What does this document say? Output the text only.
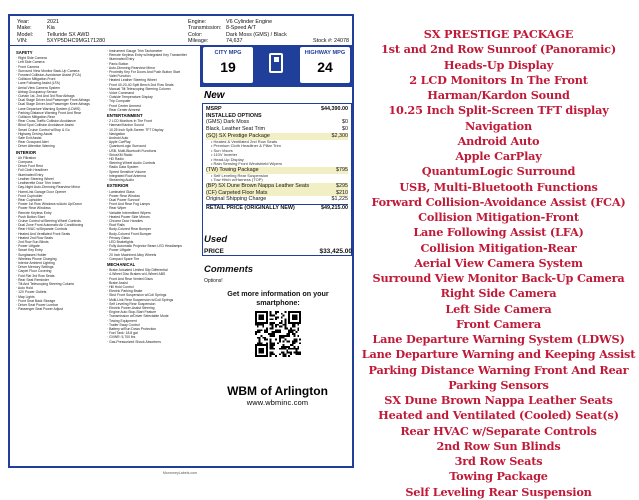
Year:	2021
Make:	Kia
Model:	Telluride SX AWD
VIN:	5XYP5DHC9MG171280
Engine:	V6 Cylinder Engine
Transmission: 8-Speed A/T
Color:	Dark Moss (GMS) / Black
Mileage:	74,637	Stock #: 24078
SAFETY
· Right Side Camera
· Left Side Camera
· Front Camera
· Surround View Monitor Back-Up Camera
· Forward Collision-Avoidance Assist (FCA)
· Collision Mitigation-Front
· Lane Following Assist (LFA)
· Aerial View Camera System
· Airbag Occupancy Sensor
· Curtain 1st, 2nd And 3rd Row Airbags
· Dual Stage Driver And Passenger Front Airbags
· Dual Stage Driver And Passenger Knee Airbags
· Lane Departure Warning System (LDWS)
· Parking Distance Warning Front And Rear
· Collision Mitigation-Rear
· Rear Cross-Traffic Collision Avoidance
· Blind Spot Collision Avoidance Assist
· Smart Cruise Control w/Stop & Go
· Highway Driving Assist
· Safe Exit Assist
· Rear Occupant Alert
· Driver Attention Warning
INTERIOR
· Air Filtration
· Compass
· Driver Foot Rest
· Full Cloth Headliner
· Illuminated Entry
· Leather Steering Wheel
· Leatherette Door Trim Insert
· Day-Night Auto-Dimming Rearview Mirror
· HomeLink Garage Door Opener
· Front Cupholder
· Rear Cupholder
· Power 1st Row Windows w/Auto Up/Down
· Power Rear Windows
· Remote Keyless Entry
· Push Button Start
· Cruise Control w/Steering Wheel Controls
· Dual Zone Front Automatic Air Conditioning
· Rear HVAC w/Separate Controls
· Heated And Ventilated Front Seats
· Heated 2nd Row Seats
· 2nd Row Sun Blinds
· Power Liftgate
· Smart Key Entry
· Sunglasses Holder
· Wireless Phone Charging
· Interior Ambient Lighting
· Driver Memory Settings
· Carpet Floor Covering
· Fold Flat 3rd Row Seats
· Rear Seat Reminder
· Tilt And Telescoping Steering Column
· Auto Hold
· 12V Power Outlets
· Map Lights
· Front Seat Back Storage
· Driver Seat Power Lumbar
· Passenger Seat Power Adjust
· Instrument Gauge Trim Tachometer
· Remote Keyless Entry w/Integrated Key Transmitter
· Illuminated Entry
· Panic Button
· Auto-Dimming Rearview Mirror
· Proximity Key For Doors And Push Button Start
· Valet Function
· Heated Leather Steering Wheel
· Front 40-20-40 Split Bench 2nd Row Seats
· Manual Tilt Telescoping Steering Column
· Voice Command
· Outside Temperature Display
· Trip Computer
· Front Center Armrest
· Rear Center Armrest
ENTERTAINMENT
· 2 LCD Monitors In The Front
· Harman/Kardon Sound
· 10.25 Inch Split-Screen TFT Display
· Navigation
· Android Auto
· Apple CarPlay
· QuantumLogic Surround
· USB, Multi-Bluetooth Functions
· SiriusXM Radio
· HD Radio
· Steering Wheel Audio Controls
· Radio Data System
· Speed Sensitive Volume
· Integrated Roof Antenna
· Streaming Audio
EXTERIOR
· Laminated Glass
· Power Rear Window
· Dual Power Sunroof
· Front And Rear Fog Lamps
· Rear Wiper
· Variable Intermittent Wipers
· Heated Power Side Mirrors
· Chrome Door Handles
· Roof Rails
· Body-Colored Rear Bumper
· Body-Colored Front Bumper
· Privacy Glass
· LED Brakelights
· Fully Automatic Projector Beam LED Headlamps
· Power Liftgate
· 20 Inch Machined Alloy Wheels
· Compact Spare Tire
MECHANICAL
· Brake Actuated Limited Slip Differential
· 4-Wheel Disc Brakes w/4-Wheel ABS
· Front And Rear Vented Discs
· Brake Assist
· Hill Hold Control
· Electric Parking Brake
· Strut Front Suspension w/Coil Springs
· Multi-Link Rear Suspension w/Coil Springs
· Self Leveling Rear Suspension
· Electric Power-Assist Steering
· Engine Auto Stop-Start Feature
· Transmission w/Driver Selectable Mode
· Towing Equipment
· Trailer Sway Control
· Battery w/Run Down Protection
· Fuel Tank: 18.8 gal
· GVWR: 5,700 lbs
· Gas-Pressurized Shock Absorbers
CITY MPG
19
HIGHWAY MPG
24
New
MSRP	$44,390.00
INSTALLED OPTIONS
(GMS) Dark Moss	$0
Black, Leather Seat Trim	$0
(SQ) SX Prestige Package	$2,300
• Heated & Ventilated 2nd Row Seats
• Premium Cloth Headliner & Pillar Trim
• Sun Visors
• 110V Inverter
• Head-Up Display
• Rain Sensing Front Windshield Wipers
(TW) Towing Package	$795
• Self Leveling Rear Suspension
• Tow Hitch w/Harness (TOP)
(BP) SX Dune Brown Nappa Leather Seats	$295
(CF) Carpeted Floor Mats	$210
Original Shipping Charge	$1,225
RETAIL PRICE (ORIGINALLY NEW)	$49,215.00
Used
PRICE	$33,425.00
Comments
Options!
Get more information on your smartphone:
WBM of Arlington
www.wbminc.com
MonroneyLabels.com
SX PRESTIGE PACKAGE
1st and 2nd Row Sunroof (Panoramic)
Heads-Up Display
2 LCD Monitors In The Front
Harman/Kardon Sound
10.25 Inch Split-Screen TFT display
Navigation
Android Auto
Apple CarPlay
QuantumLogic Surround
USB, Multi-Bluetooth Functions
Forward Collision-Avoidance Assist (FCA)
Collision Mitigation-Front
Lane Following Assist (LFA)
Collision Mitigation-Rear
Aerial View Camera System
Surround View Monitor Back-Up Camera
Right Side Camera
Left Side Camera
Front Camera
Lane Departure Warning System (LDWS)
Lane Departure Warning and Keeping Assist
Parking Distance Warning Front And Rear
Parking Sensors
SX Dune Brown Nappa Leather Seats
Heated and Ventilated (Cooled) Seat(s)
Rear HVAC w/Separate Controls
2nd Row Sun Blinds
3rd Row Seats
Towing Package
Self Leveling Rear Suspension
